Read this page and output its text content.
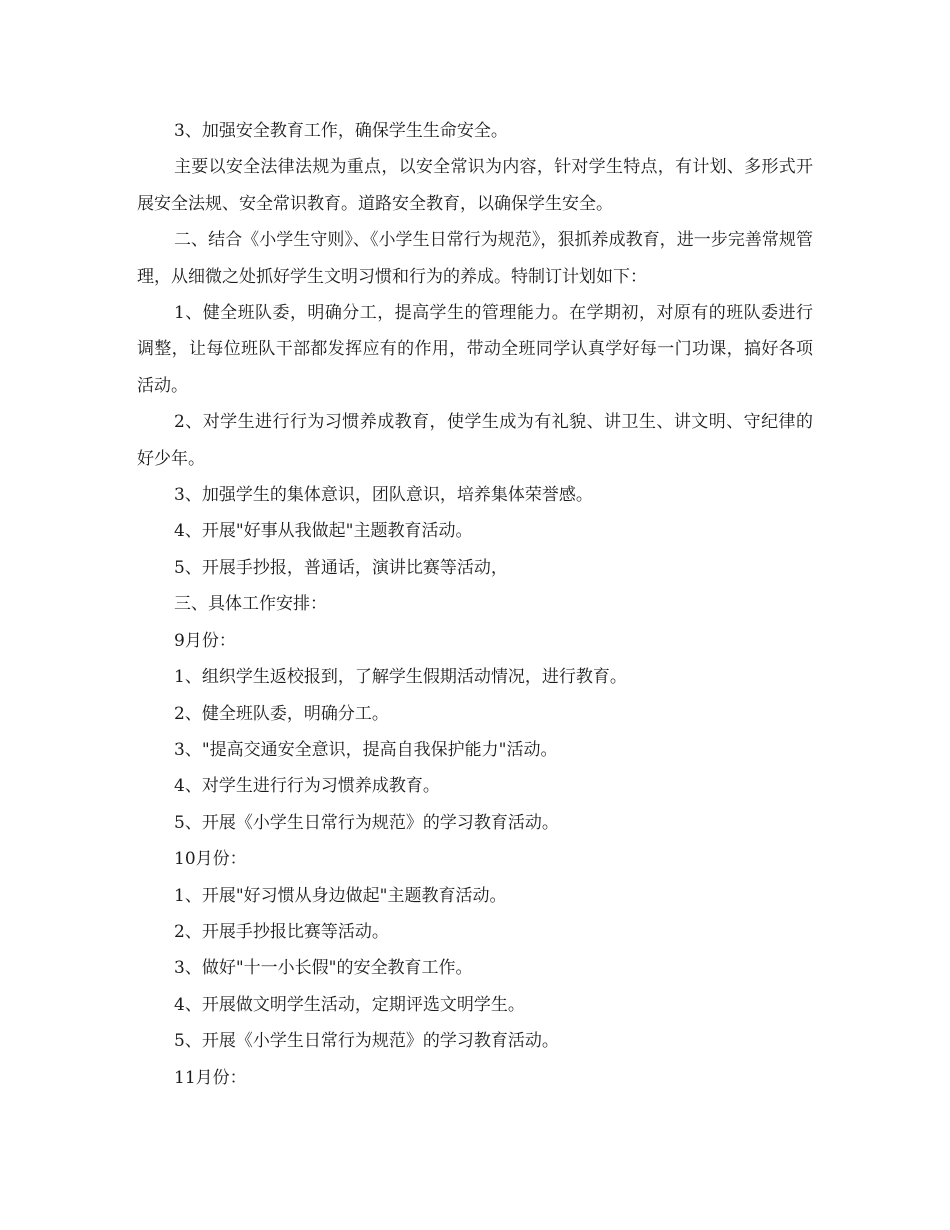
3、加强安全教育工作，确保学生生命安全。

主要以安全法律法规为重点，以安全常识为内容，针对学生特点，有计划、多形式开展安全法规、安全常识教育。道路安全教育，以确保学生安全。

二、结合《小学生守则》、《小学生日常行为规范》，狠抓养成教育，进一步完善常规管理，从细微之处抓好学生文明习惯和行为的养成。特制订计划如下：

1、健全班队委，明确分工，提高学生的管理能力。在学期初，对原有的班队委进行调整，让每位班队干部都发挥应有的作用，带动全班同学认真学好每一门功课，搞好各项活动。

2、对学生进行行为习惯养成教育，使学生成为有礼貌、讲卫生、讲文明、守纪律的好少年。

3、加强学生的集体意识，团队意识，培养集体荣誉感。

4、开展"好事从我做起"主题教育活动。

5、开展手抄报，普通话，演讲比赛等活动，

三、具体工作安排：

9月份：

1、组织学生返校报到，了解学生假期活动情况，进行教育。

2、健全班队委，明确分工。

3、"提高交通安全意识，提高自我保护能力"活动。

4、对学生进行行为习惯养成教育。

5、开展《小学生日常行为规范》的学习教育活动。

10月份：

1、开展"好习惯从身边做起"主题教育活动。

2、开展手抄报比赛等活动。

3、做好"十一小长假"的安全教育工作。

4、开展做文明学生活动，定期评选文明学生。

5、开展《小学生日常行为规范》的学习教育活动。

11月份：
